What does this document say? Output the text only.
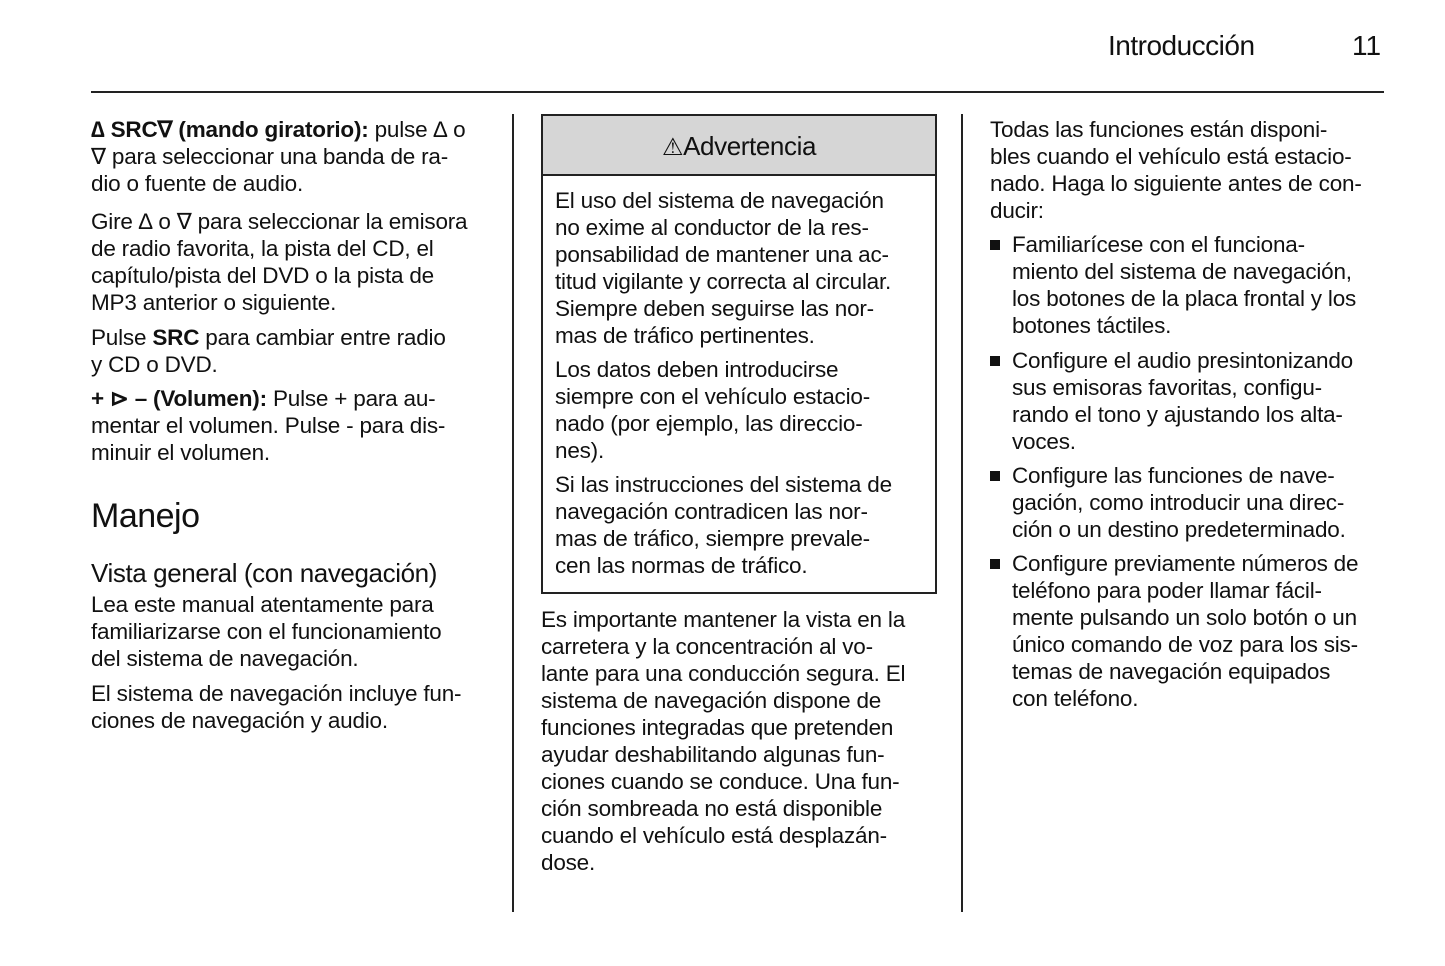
Introducción	11
Manejo
Vista general (con navegación)
⚠Advertencia
∆ SRC∇ (mando giratorio): pulse ∆ o
∇ para seleccionar una banda de ra-
dio o fuente de audio.
Gire ∆ o ∇ para seleccionar la emisora
de radio favorita, la pista del CD, el
capítulo/pista del DVD o la pista de
MP3 anterior o siguiente.
Pulse SRC para cambiar entre radio
y CD o DVD.
+ ⊳ – (Volumen): Pulse + para au-
mentar el volumen. Pulse - para dis-
minuir el volumen.
Lea este manual atentamente para
familiarizarse con el funcionamiento
del sistema de navegación.
El sistema de navegación incluye fun-
ciones de navegación y audio.
El uso del sistema de navegación
no exime al conductor de la res-
ponsabilidad de mantener una ac-
titud vigilante y correcta al circular.
Siempre deben seguirse las nor-
mas de tráfico pertinentes.
Los datos deben introducirse
siempre con el vehículo estacio-
nado (por ejemplo, las direccio-
nes).
Si las instrucciones del sistema de
navegación contradicen las nor-
mas de tráfico, siempre prevale-
cen las normas de tráfico.
Es importante mantener la vista en la
carretera y la concentración al vo-
lante para una conducción segura. El
sistema de navegación dispone de
funciones integradas que pretenden
ayudar deshabilitando algunas fun-
ciones cuando se conduce. Una fun-
ción sombreada no está disponible
cuando el vehículo está desplazán-
dose.
Todas las funciones están disponi-
bles cuando el vehículo está estacio-
nado. Haga lo siguiente antes de con-
ducir:
Familiarícese con el funciona-
miento del sistema de navegación,
los botones de la placa frontal y los
botones táctiles.
Configure el audio presintonizando
sus emisoras favoritas, configu-
rando el tono y ajustando los alta-
voces.
Configure las funciones de nave-
gación, como introducir una direc-
ción o un destino predeterminado.
Configure previamente números de
teléfono para poder llamar fácil-
mente pulsando un solo botón o un
único comando de voz para los sis-
temas de navegación equipados
con teléfono.
